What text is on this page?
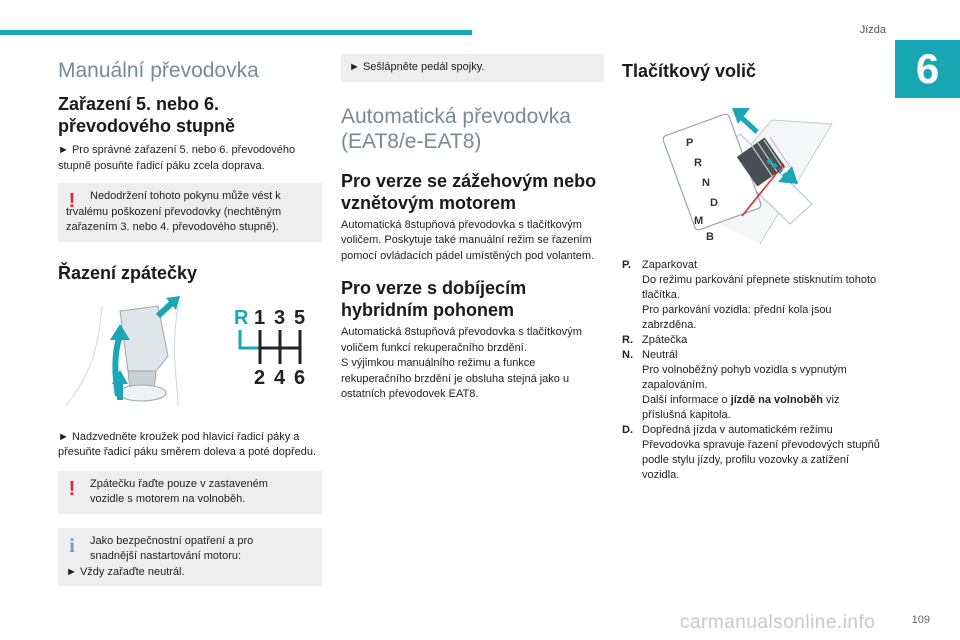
Jízda
6
Manuální převodovka
Zařazení 5. nebo 6. převodového stupně

► Pro správné zařazení 5. nebo 6. převodového stupně posuňte řadicí páku zcela doprava.

! Nedodržení tohoto pokynu může vést k
trvalému poškození převodovky (nechtěným zařazením 3. nebo 4. převodového stupně).
Řazení zpátečky
R 1 3 5
2 4 6

► Nadzvedněte kroužek pod hlavicí řadicí páky a přesuňte řadicí páku směrem doleva a poté dopředu.

! Zpátečku řaďte pouze v zastaveném
vozidle s motorem na volnoběh.
i Jako bezpečnostní opatření a pro
snadnější nastartování motoru:
► Vždy zařaďte neutrál.
► Sešlápněte pedál spojky.
Automatická převodovka (EAT8/e-EAT8)
Pro verze se zážehovým nebo vznětovým motorem

Automatická 8stupňová převodovka s tlačítkovým voličem. Poskytuje také manuální režim se řazením pomocí ovládacích pádel umístěných pod volantem.

Pro verze s dobíjecím hybridním pohonem

Automatická 8stupňová převodovka s tlačítkovým voličem funkcí rekuperačního brzdění.

S výjimkou manuálního režimu a funkce rekuperačního brzdění je obsluha stejná jako u ostatních převodovek EAT8.

Tlačítkový volič
P
R
N
D
M
B
P.	Zaparkovat
Do režimu parkování přepnete stisknutím tohoto tlačítka.
Pro parkování vozidla: přední kola jsou zabrzděna.
R. Zpátečka
N. Neutrál
Pro volnoběžný pohyb vozidla s vypnutým zapalováním.
Další informace o jízdě na volnoběh viz příslušná kapitola.
D. Dopředná jízda v automatickém režimu
Převodovka spravuje řazení převodových stupňů podle stylu jízdy, profilu vozovky a zatížení vozidla.
carmanualsonline.info	109
